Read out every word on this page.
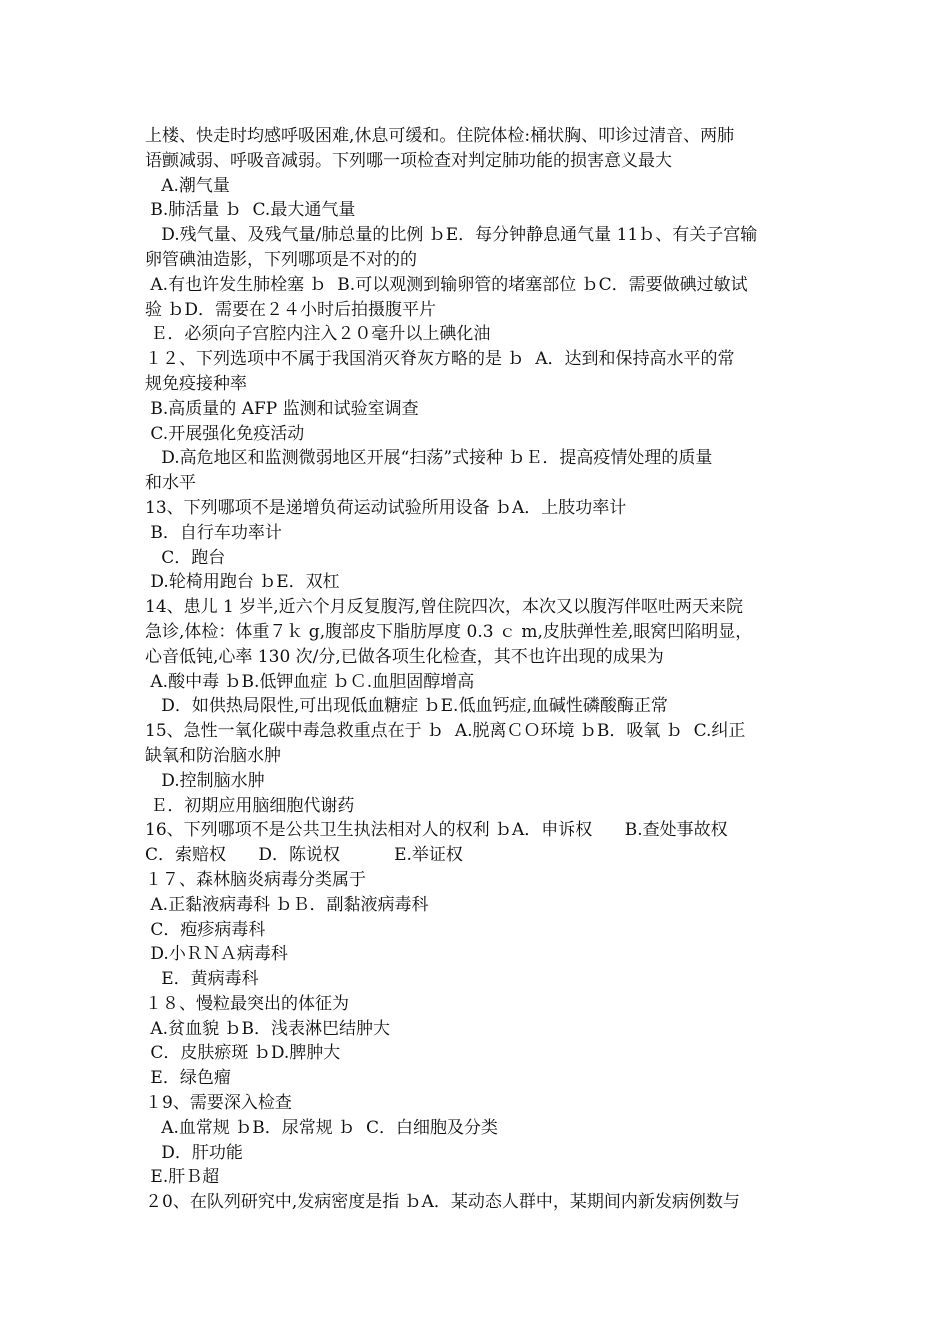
上楼、快走时均感呼吸困难,休息可缓和。住院体检:桶状胸、叩诊过清音、两肺
语颤减弱、呼吸音减弱。下列哪一项检查对判定肺功能的损害意义最大
A.潮气量
B.肺活量 ｂ  C.最大通气量
D.残气量、及残气量/肺总量的比例 ｂE．每分钟静息通气量 11ｂ、有关子宫输
卵管碘油造影，下列哪项是不对的的
A.有也许发生肺栓塞 ｂ  B.可以观测到输卵管的堵塞部位 ｂC．需要做碘过敏试
验 ｂD．需要在２４小时后拍摄腹平片
Ｅ．必须向子宫腔内注入２０毫升以上碘化油
１２、下列选项中不属于我国消灭脊灰方略的是 ｂ  A．达到和保持高水平的常
规免疫接种率
B.高质量的 AFP 监测和试验室调查
C.开展强化免疫活动
D.高危地区和监测微弱地区开展“扫荡”式接种 ｂＥ．提高疫情处理的质量
和水平
13、下列哪项不是递增负荷运动试验所用设备 ｂA．上肢功率计
B．自行车功率计
C．跑台
D.轮椅用跑台 ｂE．双杠
14、患儿 1 岁半,近六个月反复腹泻,曾住院四次，本次又以腹泻伴呕吐两天来院
急诊,体检：体重７ｋ g,腹部皮下脂肪厚度 0.3 ｃ m,皮肤弹性差,眼窝凹陷明显，
心音低钝,心率 130 次/分,已做各项生化检查，其不也许出现的成果为
A.酸中毒 ｂB.低钾血症 ｂＣ.血胆固醇增高
D．如供热局限性,可出现低血糖症 ｂE.低血钙症,血碱性磷酸酶正常
15、急性一氧化碳中毒急救重点在于 ｂ  A.脱离ＣＯ环境 ｂB．吸氧 ｂ  C.纠正
缺氧和防治脑水肿
D.控制脑水肿
Ｅ．初期应用脑细胞代谢药
16、下列哪项不是公共卫生执法相对人的权利 ｂA．申诉权      B.查处事故权
C．索赔权      D．陈说权          E.举证权
１７、森林脑炎病毒分类属于
A.正黏液病毒科 ｂＢ．副黏液病毒科
C．疱疹病毒科
D.小ＲＮＡ病毒科
E．黄病毒科
１８、慢粒最突出的体征为
A.贫血貌 ｂB．浅表淋巴结肿大
C．皮肤瘀斑 ｂD.脾肿大
E．绿色瘤
１9、需要深入检查
A.血常规 ｂB．尿常规 ｂ  C．白细胞及分类
D．肝功能
E.肝Ｂ超
２0、在队列研究中,发病密度是指 ｂA．某动态人群中，某期间内新发病例数与
